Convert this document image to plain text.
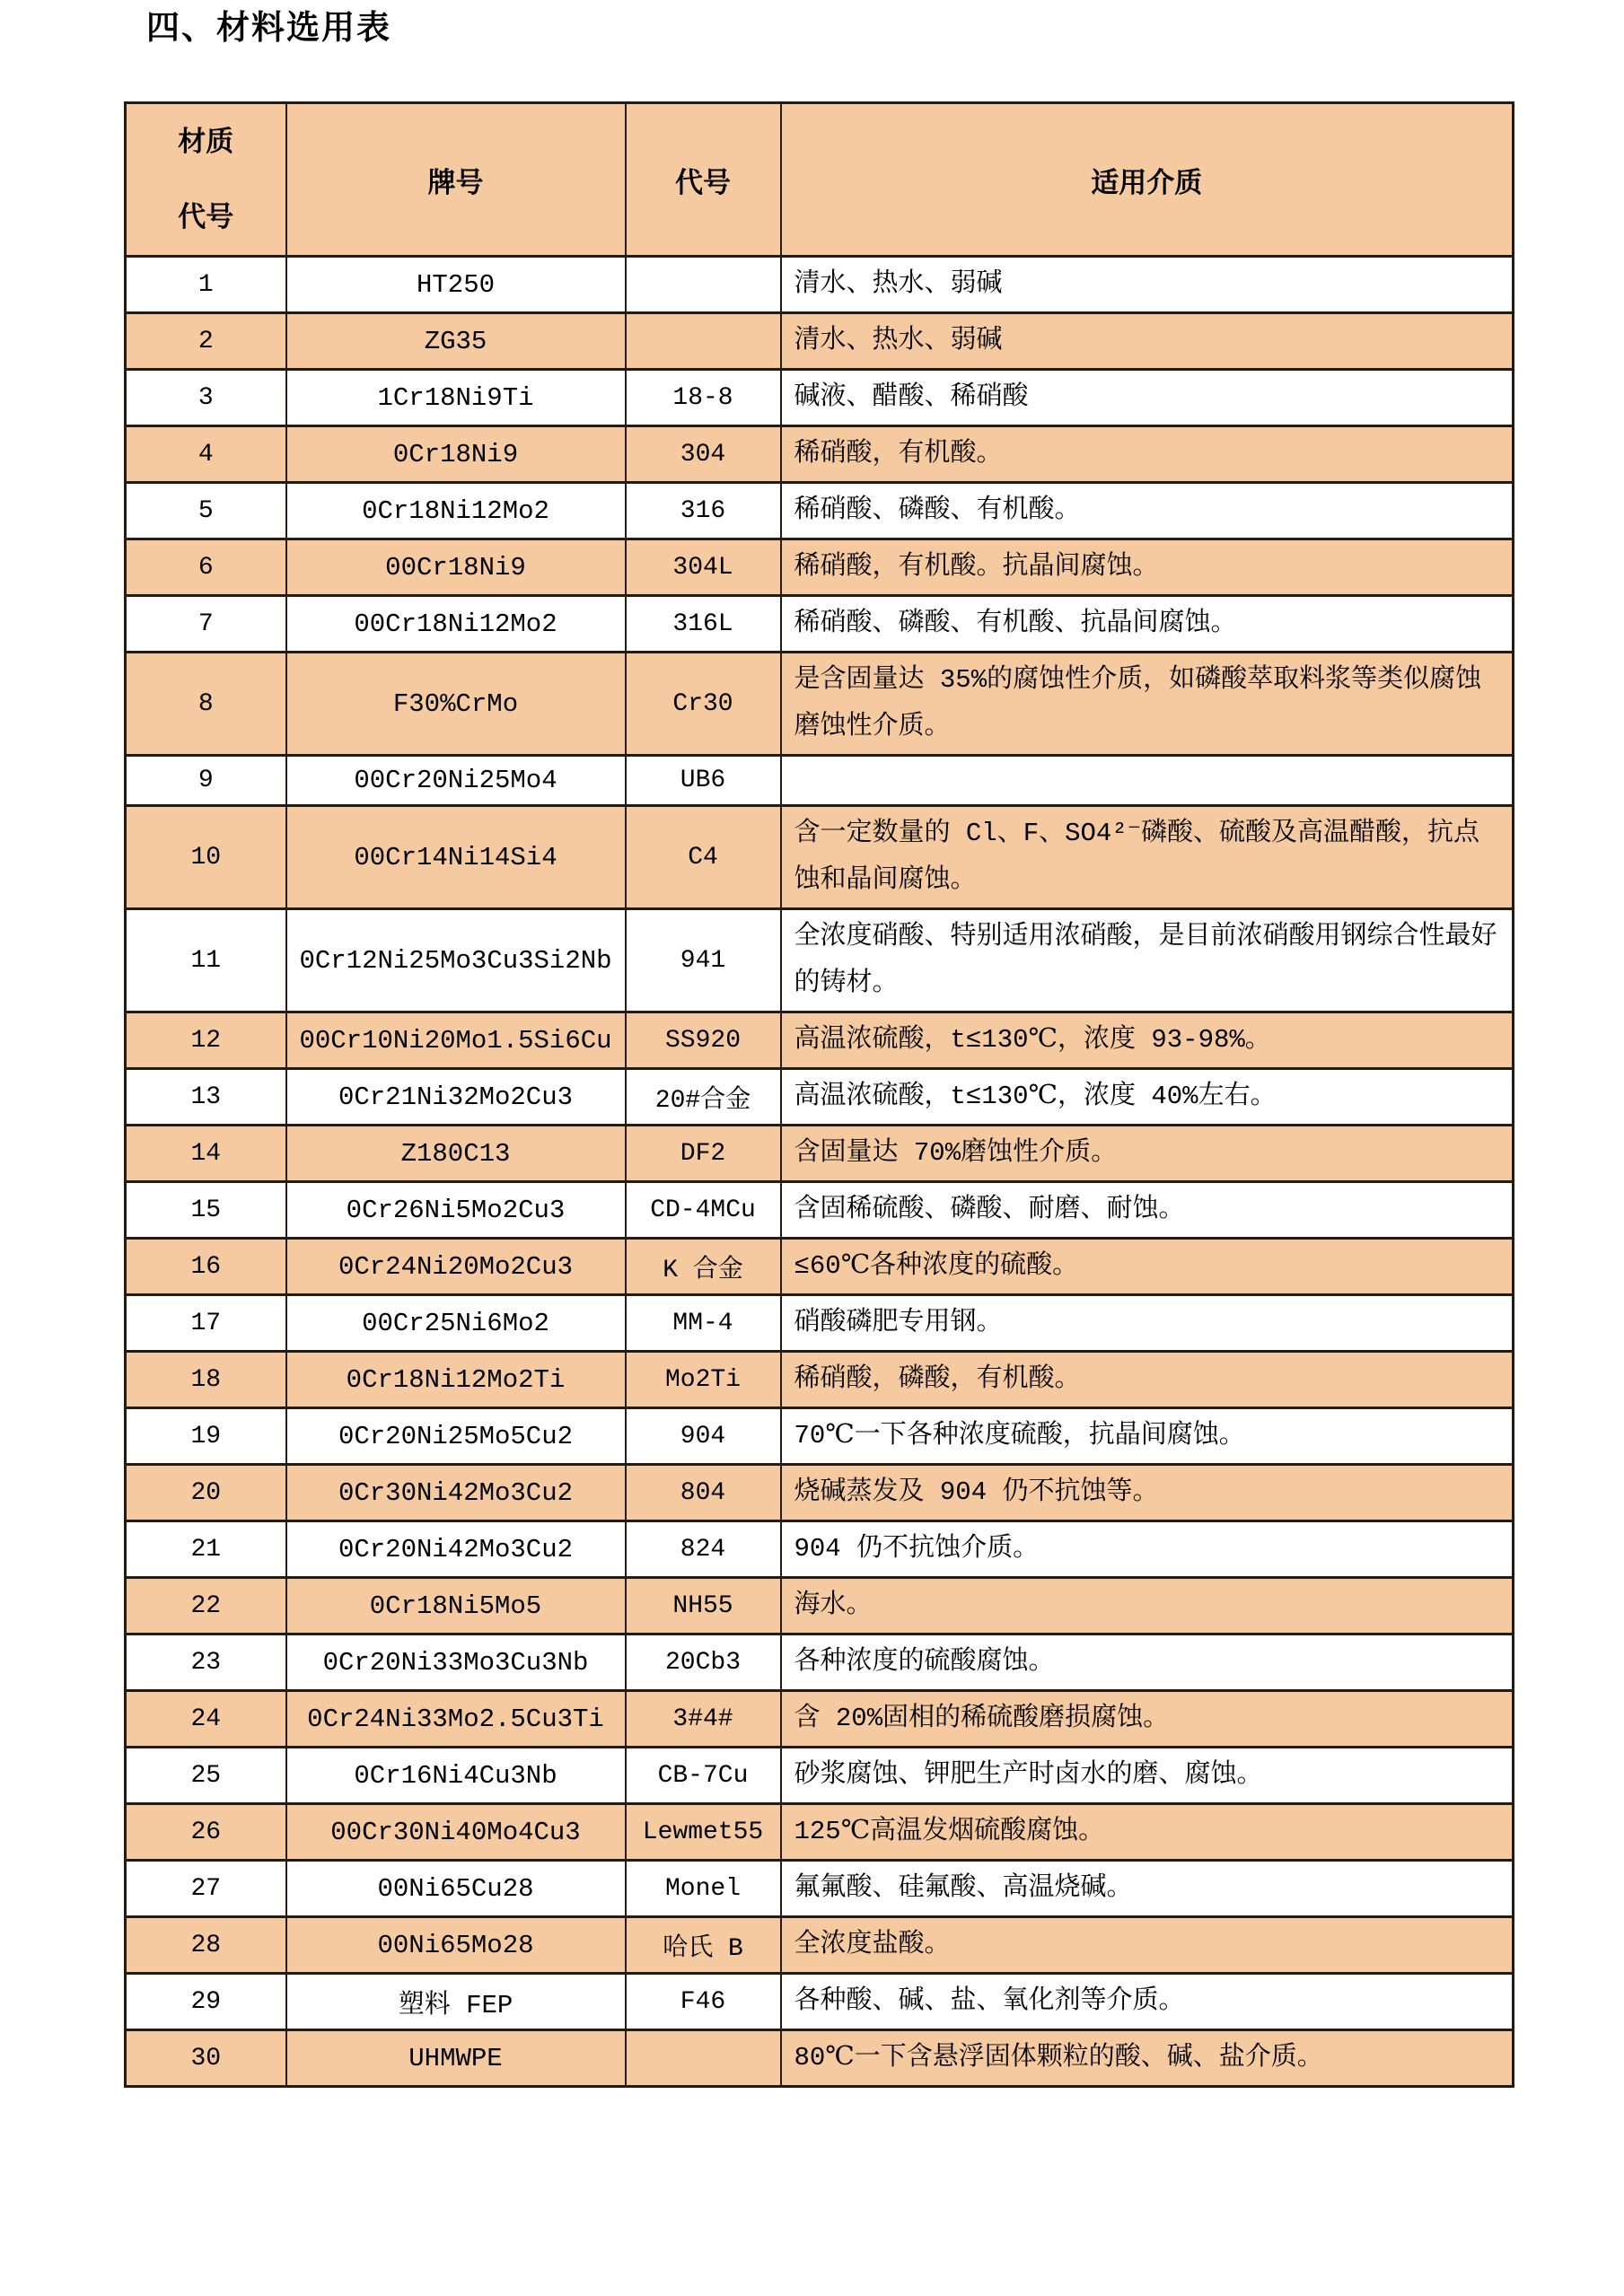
四、材料选用表
材质
代号	牌号	代号	适用介质
1	HT250		清水、热水、弱碱
2	ZG35		清水、热水、弱碱
3	1Cr18Ni9Ti	18-8	碱液、醋酸、稀硝酸
4	0Cr18Ni9	304	稀硝酸，有机酸。
5	0Cr18Ni12Mo2	316	稀硝酸、磷酸、有机酸。
6	00Cr18Ni9	304L	稀硝酸，有机酸。抗晶间腐蚀。
7	00Cr18Ni12Mo2	316L	稀硝酸、磷酸、有机酸、抗晶间腐蚀。
8	F30%CrMo	Cr30	是含固量达 35%的腐蚀性介质，如磷酸萃取料浆等类似腐蚀磨蚀性介质。
9	00Cr20Ni25Mo4	UB6	
10	00Cr14Ni14Si4	C4	含一定数量的 Cl、F、SO4²⁻磷酸、硫酸及高温醋酸，抗点蚀和晶间腐蚀。
11	0Cr12Ni25Mo3Cu3Si2Nb	941	全浓度硝酸、特别适用浓硝酸，是目前浓硝酸用钢综合性最好的铸材。
12	00Cr10Ni20Mo1.5Si6Cu	SS920	高温浓硫酸，t≤130℃，浓度 93-98%。
13	0Cr21Ni32Mo2Cu3	20#合金	高温浓硫酸，t≤130℃，浓度 40%左右。
14	Z180C13	DF2	含固量达 70%磨蚀性介质。
15	0Cr26Ni5Mo2Cu3	CD-4MCu	含固稀硫酸、磷酸、耐磨、耐蚀。
16	0Cr24Ni20Mo2Cu3	K 合金	≤60℃各种浓度的硫酸。
17	00Cr25Ni6Mo2	MM-4	硝酸磷肥专用钢。
18	0Cr18Ni12Mo2Ti	Mo2Ti	稀硝酸，磷酸，有机酸。
19	0Cr20Ni25Mo5Cu2	904	70℃一下各种浓度硫酸，抗晶间腐蚀。
20	0Cr30Ni42Mo3Cu2	804	烧碱蒸发及 904 仍不抗蚀等。
21	0Cr20Ni42Mo3Cu2	824	904 仍不抗蚀介质。
22	0Cr18Ni5Mo5	NH55	海水。
23	0Cr20Ni33Mo3Cu3Nb	20Cb3	各种浓度的硫酸腐蚀。
24	0Cr24Ni33Mo2.5Cu3Ti	3#4#	含 20%固相的稀硫酸磨损腐蚀。
25	0Cr16Ni4Cu3Nb	CB-7Cu	砂浆腐蚀、钾肥生产时卤水的磨、腐蚀。
26	00Cr30Ni40Mo4Cu3	Lewmet55	125℃高温发烟硫酸腐蚀。
27	00Ni65Cu28	Monel	氟氟酸、硅氟酸、高温烧碱。
28	00Ni65Mo28	哈氏 B	全浓度盐酸。
29	塑料 FEP	F46	各种酸、碱、盐、氧化剂等介质。
30	UHMWPE		80℃一下含悬浮固体颗粒的酸、碱、盐介质。
